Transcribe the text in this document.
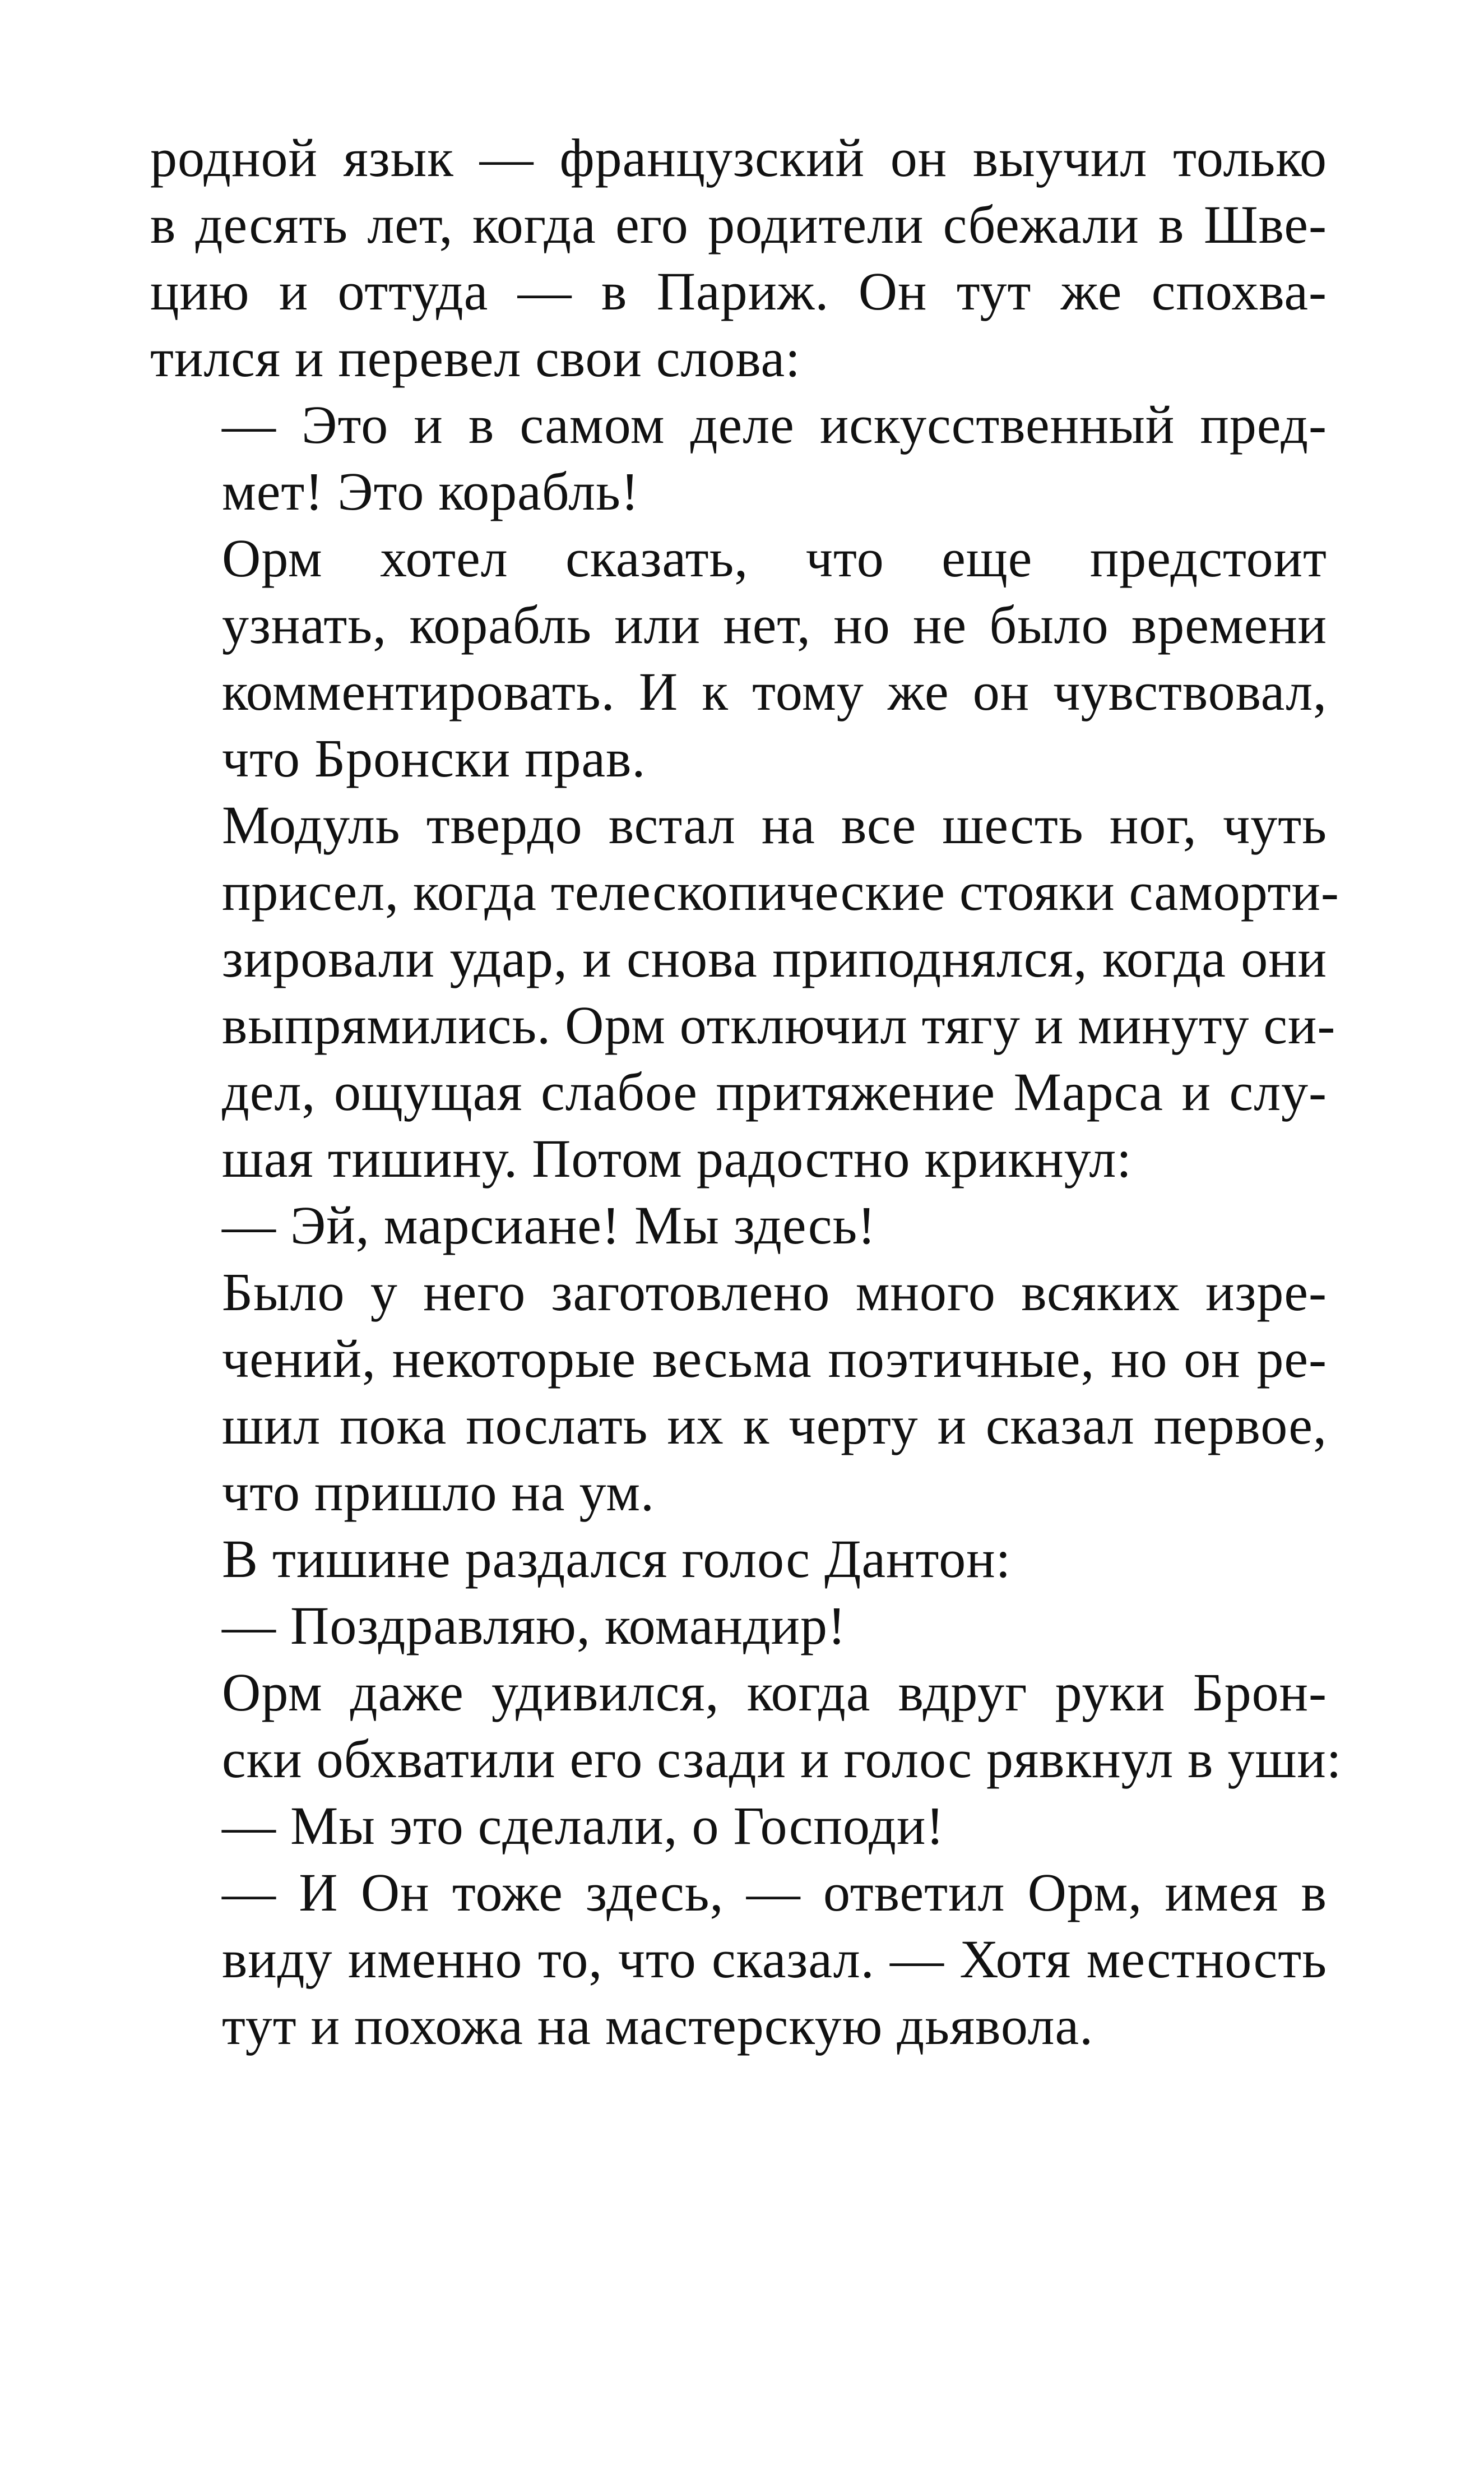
родной язык — французский он выучил только
в десять лет, когда его родители сбежали в Шве-
цию и оттуда — в Париж. Он тут же спохва-
тился и перевел свои слова:

— Это и в самом деле искусственный пред-
мет! Это корабль!

Орм хотел сказать, что еще предстоит
узнать, корабль или нет, но не было времени
комментировать. И к тому же он чувствовал,
что Бронски прав.

Модуль твердо встал на все шесть ног, чуть
присел, когда телескопические стояки саморти-
зировали удар, и снова приподнялся, когда они
выпрямились. Орм отключил тягу и минуту си-
дел, ощущая слабое притяжение Марса и слу-
шая тишину. Потом радостно крикнул:

— Эй, марсиане! Мы здесь!

Было у него заготовлено много всяких изре-
чений, некоторые весьма поэтичные, но он ре-
шил пока послать их к черту и сказал первое,
что пришло на ум.

В тишине раздался голос Дантон:

— Поздравляю, командир!

Орм даже удивился, когда вдруг руки Брон-
ски обхватили его сзади и голос рявкнул в уши:

— Мы это сделали, о Господи!

— И Он тоже здесь, — ответил Орм, имея в
виду именно то, что сказал. — Хотя местность
тут и похожа на мастерскую дьявола.
